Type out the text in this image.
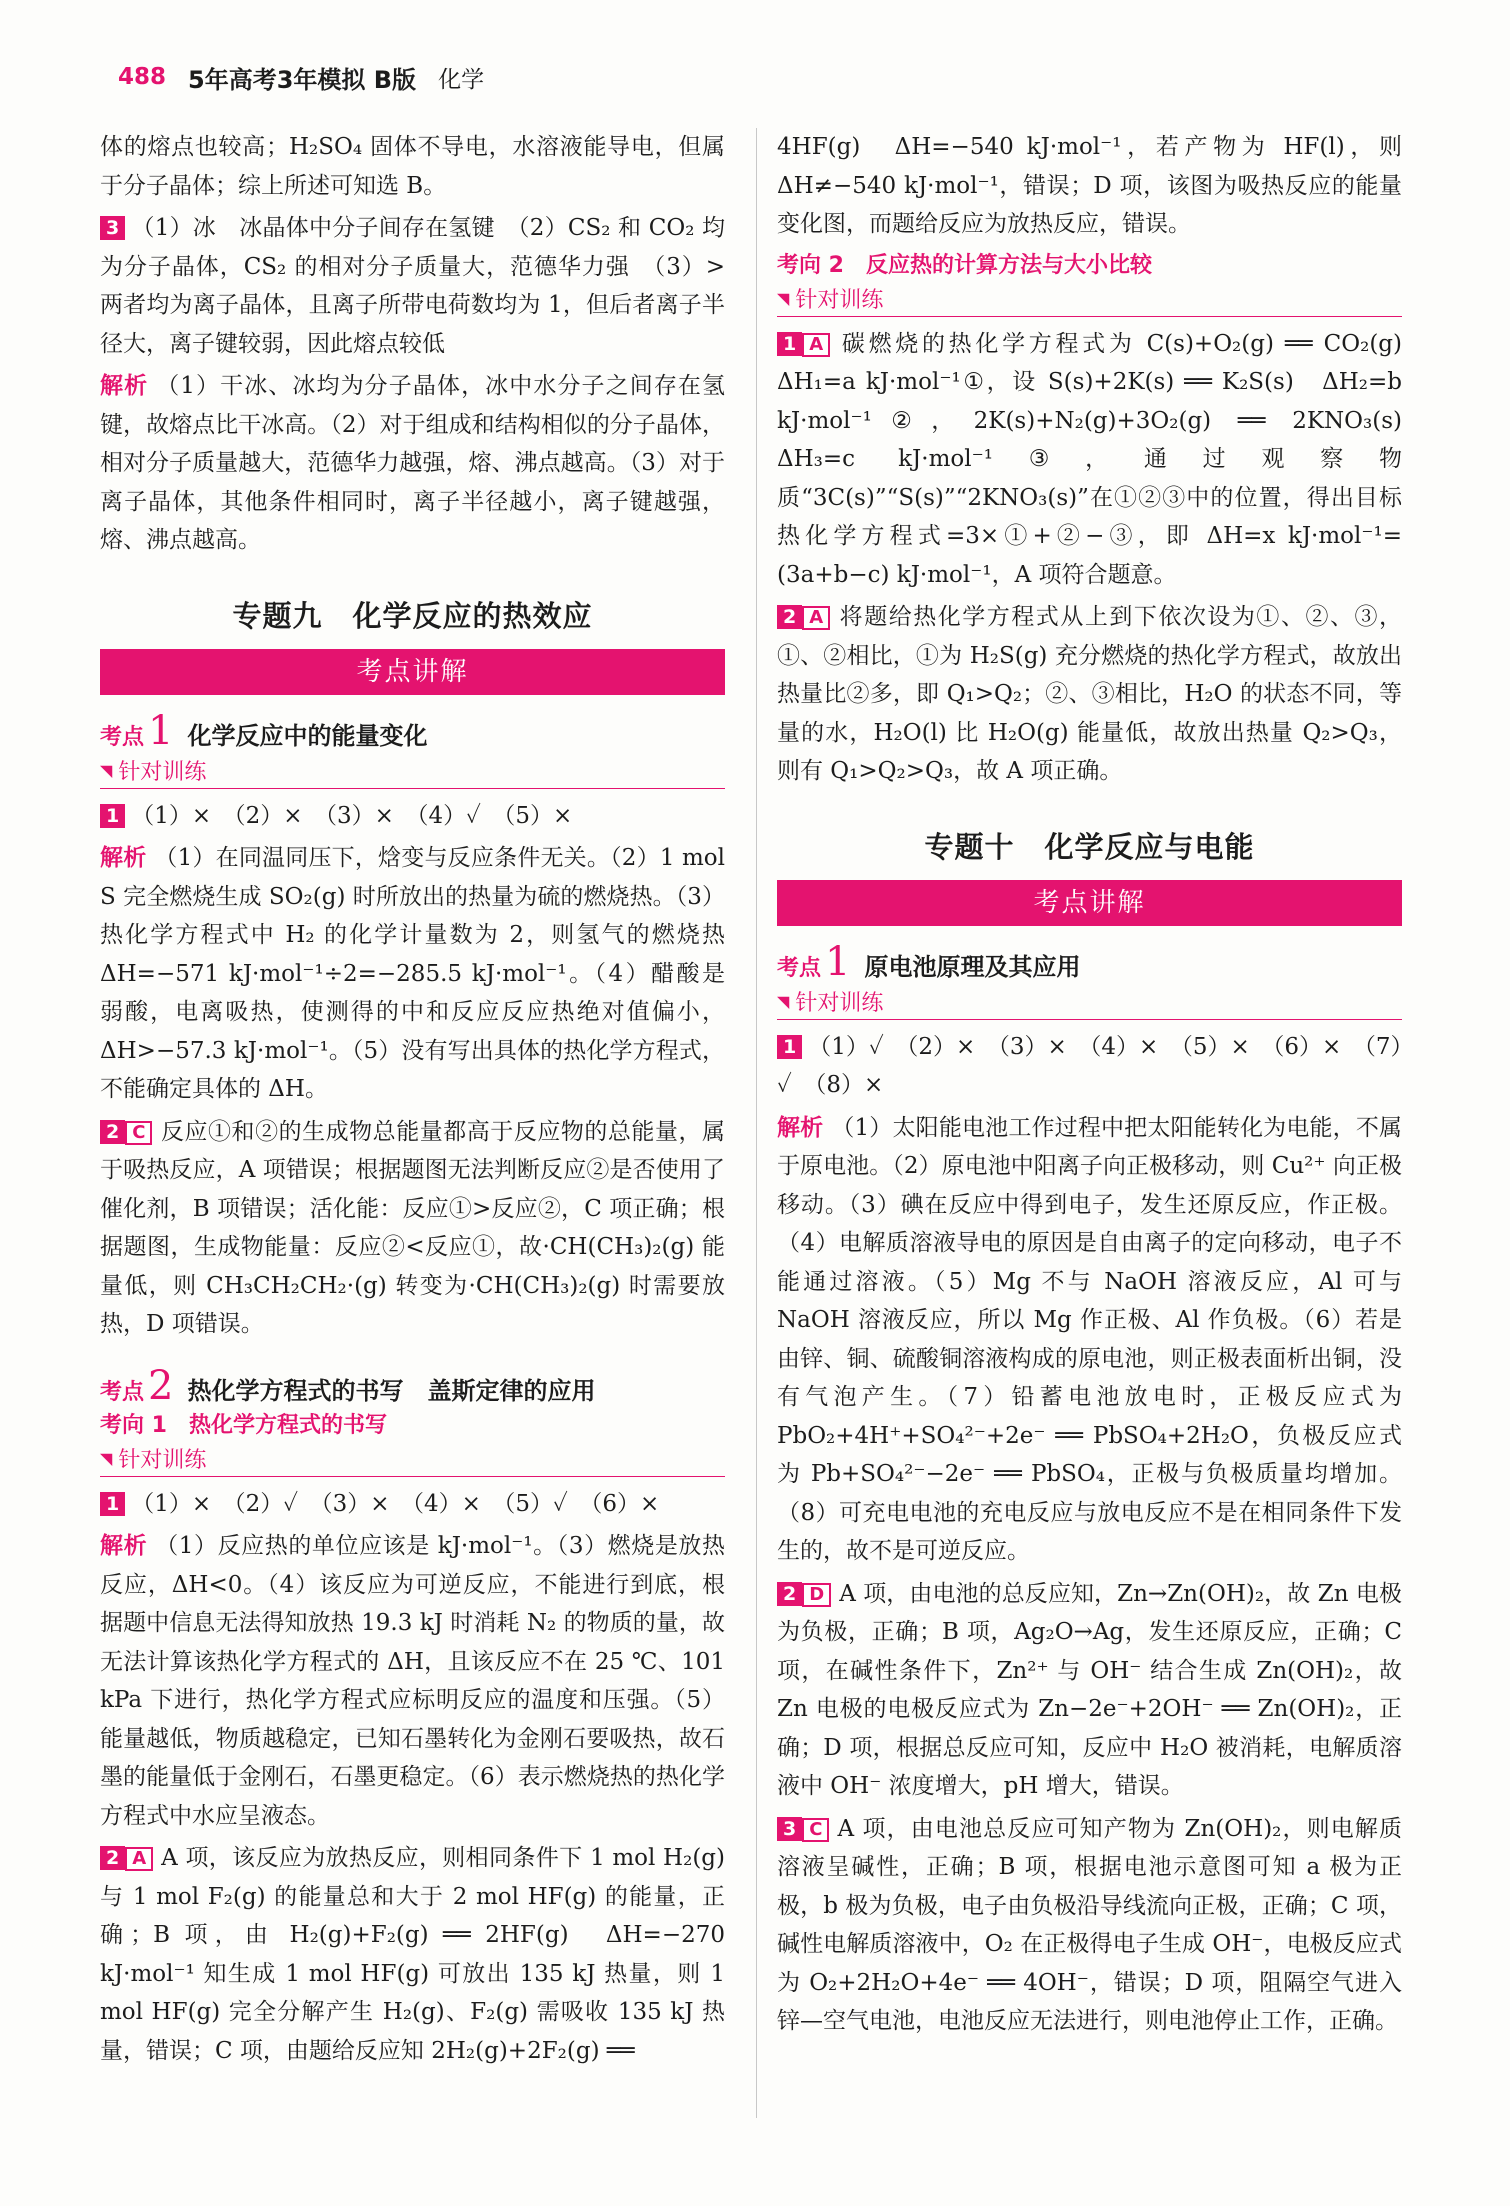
488 5年高考3年模拟 B版 化学

体的熔点也较高；H₂SO₄ 固体不导电，水溶液能导电，但属于分子晶体；综上所述可知选 B。

3 （1）冰　冰晶体中分子间存在氢键　（2）CS₂ 和 CO₂ 均为分子晶体，CS₂ 的相对分子质量大，范德华力强　（3）>　两者均为离子晶体，且离子所带电荷数均为 1，但后者离子半径大，离子键较弱，因此熔点较低

解析 （1）干冰、冰均为分子晶体，冰中水分子之间存在氢键，故熔点比干冰高。（2）对于组成和结构相似的分子晶体，相对分子质量越大，范德华力越强，熔、沸点越高。（3）对于离子晶体，其他条件相同时，离子半径越小，离子键越强，熔、沸点越高。

专题九　化学反应的热效应
考点讲解
考点 1 化学反应中的能量变化
◥ 针对训练

1 （1）×　（2）×　（3）×　（4）✓　（5）×

解析 （1）在同温同压下，焓变与反应条件无关。（2）1 mol S 完全燃烧生成 SO₂(g) 时所放出的热量为硫的燃烧热。（3）热化学方程式中 H₂ 的化学计量数为 2，则氢气的燃烧热 ΔH=−571 kJ·mol⁻¹÷2=−285.5 kJ·mol⁻¹。（4）醋酸是弱酸，电离吸热，使测得的中和反应反应热绝对值偏小，ΔH>−57.3 kJ·mol⁻¹。（5）没有写出具体的热化学方程式，不能确定具体的 ΔH。

2 C 反应①和②的生成物总能量都高于反应物的总能量，属于吸热反应，A 项错误；根据题图无法判断反应②是否使用了催化剂，B 项错误；活化能：反应①>反应②，C 项正确；根据题图，生成物能量：反应②<反应①，故·CH(CH₃)₂(g) 能量低，则 CH₃CH₂CH₂·(g) 转变为·CH(CH₃)₂(g) 时需要放热，D 项错误。

考点 2 热化学方程式的书写　盖斯定律的应用
考向 1　热化学方程式的书写
◥ 针对训练

1 （1）×　（2）✓　（3）×　（4）×　（5）✓　（6）×

解析 （1）反应热的单位应该是 kJ·mol⁻¹。（3）燃烧是放热反应，ΔH<0。（4）该反应为可逆反应，不能进行到底，根据题中信息无法得知放热 19.3 kJ 时消耗 N₂ 的物质的量，故无法计算该热化学方程式的 ΔH，且该反应不在 25 ℃、101 kPa 下进行，热化学方程式应标明反应的温度和压强。（5）能量越低，物质越稳定，已知石墨转化为金刚石要吸热，故石墨的能量低于金刚石，石墨更稳定。（6）表示燃烧热的热化学方程式中水应呈液态。

2 A A 项，该反应为放热反应，则相同条件下 1 mol H₂(g) 与 1 mol F₂(g) 的能量总和大于 2 mol HF(g) 的能量，正确；B 项，由 H₂(g)+F₂(g) ══ 2HF(g)　ΔH=−270 kJ·mol⁻¹ 知生成 1 mol HF(g) 可放出 135 kJ 热量，则 1 mol HF(g) 完全分解产生 H₂(g)、F₂(g) 需吸收 135 kJ 热量，错误；C 项，由题给反应知 2H₂(g)+2F₂(g) ══

4HF(g)　ΔH=−540 kJ·mol⁻¹，若产物为 HF(l)，则 ΔH≠−540 kJ·mol⁻¹，错误；D 项，该图为吸热反应的能量变化图，而题给反应为放热反应，错误。

考向 2　反应热的计算方法与大小比较
◥ 针对训练

1 A 碳燃烧的热化学方程式为 C(s)+O₂(g) ══ CO₂(g)　ΔH₁=a kJ·mol⁻¹①，设 S(s)+2K(s) ══ K₂S(s)　ΔH₂=b kJ·mol⁻¹②，2K(s)+N₂(g)+3O₂(g) ══ 2KNO₃(s)　ΔH₃=c kJ·mol⁻¹③，通过观察物质“3C(s)”“S(s)”“2KNO₃(s)”在①②③中的位置，得出目标热化学方程式=3×①+②−③，即 ΔH=x kJ·mol⁻¹=(3a+b−c) kJ·mol⁻¹，A 项符合题意。

2 A 将题给热化学方程式从上到下依次设为①、②、③，①、②相比，①为 H₂S(g) 充分燃烧的热化学方程式，故放出热量比②多，即 Q₁>Q₂；②、③相比，H₂O 的状态不同，等量的水，H₂O(l) 比 H₂O(g) 能量低，故放出热量 Q₂>Q₃，则有 Q₁>Q₂>Q₃，故 A 项正确。

专题十　化学反应与电能
考点讲解
考点 1 原电池原理及其应用
◥ 针对训练

1 （1）✓　（2）×　（3）×　（4）×　（5）×　（6）×　（7）✓　（8）×

解析 （1）太阳能电池工作过程中把太阳能转化为电能，不属于原电池。（2）原电池中阳离子向正极移动，则 Cu²⁺ 向正极移动。（3）碘在反应中得到电子，发生还原反应，作正极。（4）电解质溶液导电的原因是自由离子的定向移动，电子不能通过溶液。（5）Mg 不与 NaOH 溶液反应，Al 可与 NaOH 溶液反应，所以 Mg 作正极、Al 作负极。（6）若是由锌、铜、硫酸铜溶液构成的原电池，则正极表面析出铜，没有气泡产生。（7）铅蓄电池放电时，正极反应式为 PbO₂+4H⁺+SO₄²⁻+2e⁻ ══ PbSO₄+2H₂O，负极反应式为 Pb+SO₄²⁻−2e⁻ ══ PbSO₄，正极与负极质量均增加。（8）可充电电池的充电反应与放电反应不是在相同条件下发生的，故不是可逆反应。

2 D A 项，由电池的总反应知，Zn→Zn(OH)₂，故 Zn 电极为负极，正确；B 项，Ag₂O→Ag，发生还原反应，正确；C 项，在碱性条件下，Zn²⁺ 与 OH⁻ 结合生成 Zn(OH)₂，故 Zn 电极的电极反应式为 Zn−2e⁻+2OH⁻ ══ Zn(OH)₂，正确；D 项，根据总反应可知，反应中 H₂O 被消耗，电解质溶液中 OH⁻ 浓度增大，pH 增大，错误。

3 C A 项，由电池总反应可知产物为 Zn(OH)₂，则电解质溶液呈碱性，正确；B 项，根据电池示意图可知 a 极为正极，b 极为负极，电子由负极沿导线流向正极，正确；C 项，碱性电解质溶液中，O₂ 在正极得电子生成 OH⁻，电极反应式为 O₂+2H₂O+4e⁻ ══ 4OH⁻，错误；D 项，阻隔空气进入锌—空气电池，电池反应无法进行，则电池停止工作，正确。
